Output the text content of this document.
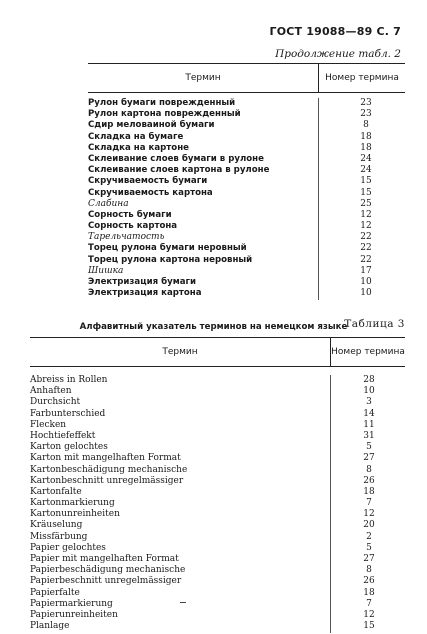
ГОСТ 19088—89 С. 7
Продолжение табл. 2
Термин	Номер термина
Рулон бумаги поврежденный	23
Рулон картона поврежденный	23
Сдир меловаиной бумаги	8
Складка на бумаге	18
Складка на картоне	18
Склеивание слоев бумаги в рулоне	24
Склеивание слоев картона в рулоне	24
Скручиваемость бумаги	15
Скручиваемость картона	15
Слабина	25
Сорность бумаги	12
Сорность картона	12
Тарельчатость	22
Торец рулона бумаги неровный	22
Торец рулона картона неровный	22
Шишка	17
Электризация бумаги	10
Электризация картона	10
Таблица 3
Алфавитный указатель терминов на немецком языке
Термин	Номер термина
Abreiss in Rollen	28
Anhaften	10
Durchsicht	3
Farbunterschied	14
Flecken	11
Hochtiefeffekt	31
Karton gelochtes	5
Karton mit mangelhaften Format	27
Kartonbeschädigung mechanische	8
Kartonbeschnitt unregelmässiger	26
Kartonfalte	18
Kartonmarkierung	7
Kartonunreinheiten	12
Kräuselung	20
Missfärbung	2
Papier gelochtes	5
Papier mit mangelhaften Format	27
Papierbeschädigung mechanische	8
Papierbeschnitt unregelmässiger	26
Papierfalte	18
Papiermarkierung	7
Papierunreinheiten	12
Planlage	15
